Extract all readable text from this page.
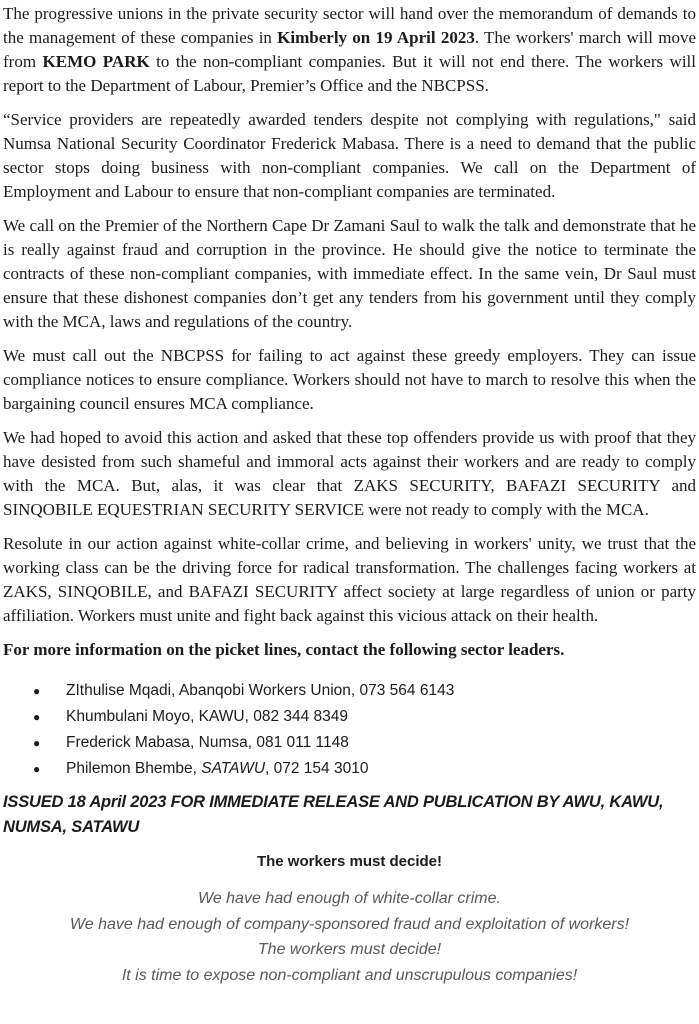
The progressive unions in the private security sector will hand over the memorandum of demands to the management of these companies in Kimberly on 19 April 2023. The workers' march will move from KEMO PARK to the non-compliant companies. But it will not end there. The workers will report to the Department of Labour, Premier’s Office and the NBCPSS.

“Service providers are repeatedly awarded tenders despite not complying with regulations," said Numsa National Security Coordinator Frederick Mabasa. There is a need to demand that the public sector stops doing business with non-compliant companies. We call on the Department of Employment and Labour to ensure that non-compliant companies are terminated.

We call on the Premier of the Northern Cape Dr Zamani Saul to walk the talk and demonstrate that he is really against fraud and corruption in the province. He should give the notice to terminate the contracts of these non-compliant companies, with immediate effect. In the same vein, Dr Saul must ensure that these dishonest companies don’t get any tenders from his government until they comply with the MCA, laws and regulations of the country.

We must call out the NBCPSS for failing to act against these greedy employers. They can issue compliance notices to ensure compliance. Workers should not have to march to resolve this when the bargaining council ensures MCA compliance.

We had hoped to avoid this action and asked that these top offenders provide us with proof that they have desisted from such shameful and immoral acts against their workers and are ready to comply with the MCA. But, alas, it was clear that ZAKS SECURITY, BAFAZI SECURITY and SINQOBILE EQUESTRIAN SECURITY SERVICE were not ready to comply with the MCA.

Resolute in our action against white-collar crime, and believing in workers' unity, we trust that the working class can be the driving force for radical transformation. The challenges facing workers at ZAKS, SINQOBILE, and BAFAZI SECURITY affect society at large regardless of union or party affiliation. Workers must unite and fight back against this vicious attack on their health.

For more information on the picket lines, contact the following sector leaders.

●	ZIthulise Mqadi, Abanqobi Workers Union, 073 564 6143
●	Khumbulani Moyo, KAWU, 082 344 8349
●	Frederick Mabasa, Numsa, 081 011 1148
●	Philemon Bhembe, SATAWU, 072 154 3010

ISSUED 18 April 2023 FOR IMMEDIATE RELEASE AND PUBLICATION BY AWU, KAWU, NUMSA, SATAWU

The workers must decide!

We have had enough of white-collar crime.
We have had enough of company-sponsored fraud and exploitation of workers!
The workers must decide!
It is time to expose non-compliant and unscrupulous companies!
